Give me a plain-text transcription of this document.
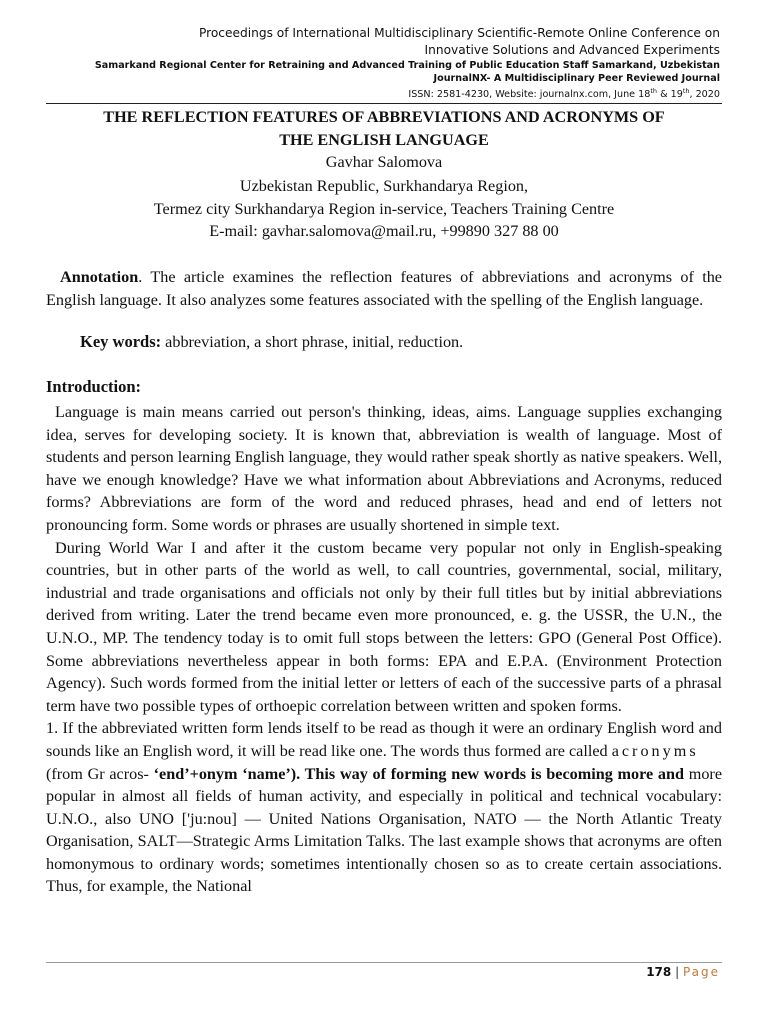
Proceedings of International Multidisciplinary Scientific-Remote Online Conference on
Innovative Solutions and Advanced Experiments
Samarkand Regional Center for Retraining and Advanced Training of Public Education Staff Samarkand, Uzbekistan
JournalNX- A Multidisciplinary Peer Reviewed Journal
ISSN: 2581-4230, Website: journalnx.com, June 18th & 19th, 2020
THE REFLECTION FEATURES OF ABBREVIATIONS AND ACRONYMS OF
THE ENGLISH LANGUAGE
Gavhar Salomova
Uzbekistan Republic, Surkhandarya Region,
Termez city Surkhandarya Region in-service, Teachers Training Centre
E-mail: gavhar.salomova@mail.ru, +99890 327 88 00

Annotation. The article examines the reflection features of abbreviations and acronyms of the English language. It also analyzes some features associated with the spelling of the English language.

Key words: abbreviation, a short phrase, initial, reduction.

Introduction:

Language is main means carried out person's thinking, ideas, aims. Language supplies exchanging idea, serves for developing society. It is known that, abbreviation is wealth of language. Most of students and person learning English language, they would rather speak shortly as native speakers. Well, have we enough knowledge? Have we what information about Abbreviations and Acronyms, reduced forms? Abbreviations are form of the word and reduced phrases, head and end of letters not pronouncing form. Some words or phrases are usually shortened in simple text.

During World War I and after it the custom became very popular not only in English-speaking countries, but in other parts of the world as well, to call countries, governmental, social, military, industrial and trade organisations and officials not only by their full titles but by initial abbreviations derived from writing. Later the trend became even more pronounced, e. g. the USSR, the U.N., the U.N.O., MP. The tendency today is to omit full stops between the letters: GPO (General Post Office). Some abbreviations nevertheless appear in both forms: EPA and E.P.A. (Environment Protection Agency). Such words formed from the initial letter or letters of each of the successive parts of a phrasal term have two possible types of orthoepic correlation between written and spoken forms.

1. If the abbreviated written form lends itself to be read as though it were an ordinary English word and sounds like an English word, it will be read like one. The words thus formed are called acronyms

(from Gr acros- ‘end’+onym ‘name’). This way of forming new words is becoming more and more popular in almost all fields of human activity, and especially in political and technical vocabulary: U.N.O., also UNO ['ju:nou] — United Nations Organisation, NATO — the North Atlantic Treaty Organisation, SALT—Strategic Arms Limitation Talks. The last example shows that acronyms are often homonymous to ordinary words; sometimes intentionally chosen so as to create certain associations. Thus, for example, the National

178 | Page
